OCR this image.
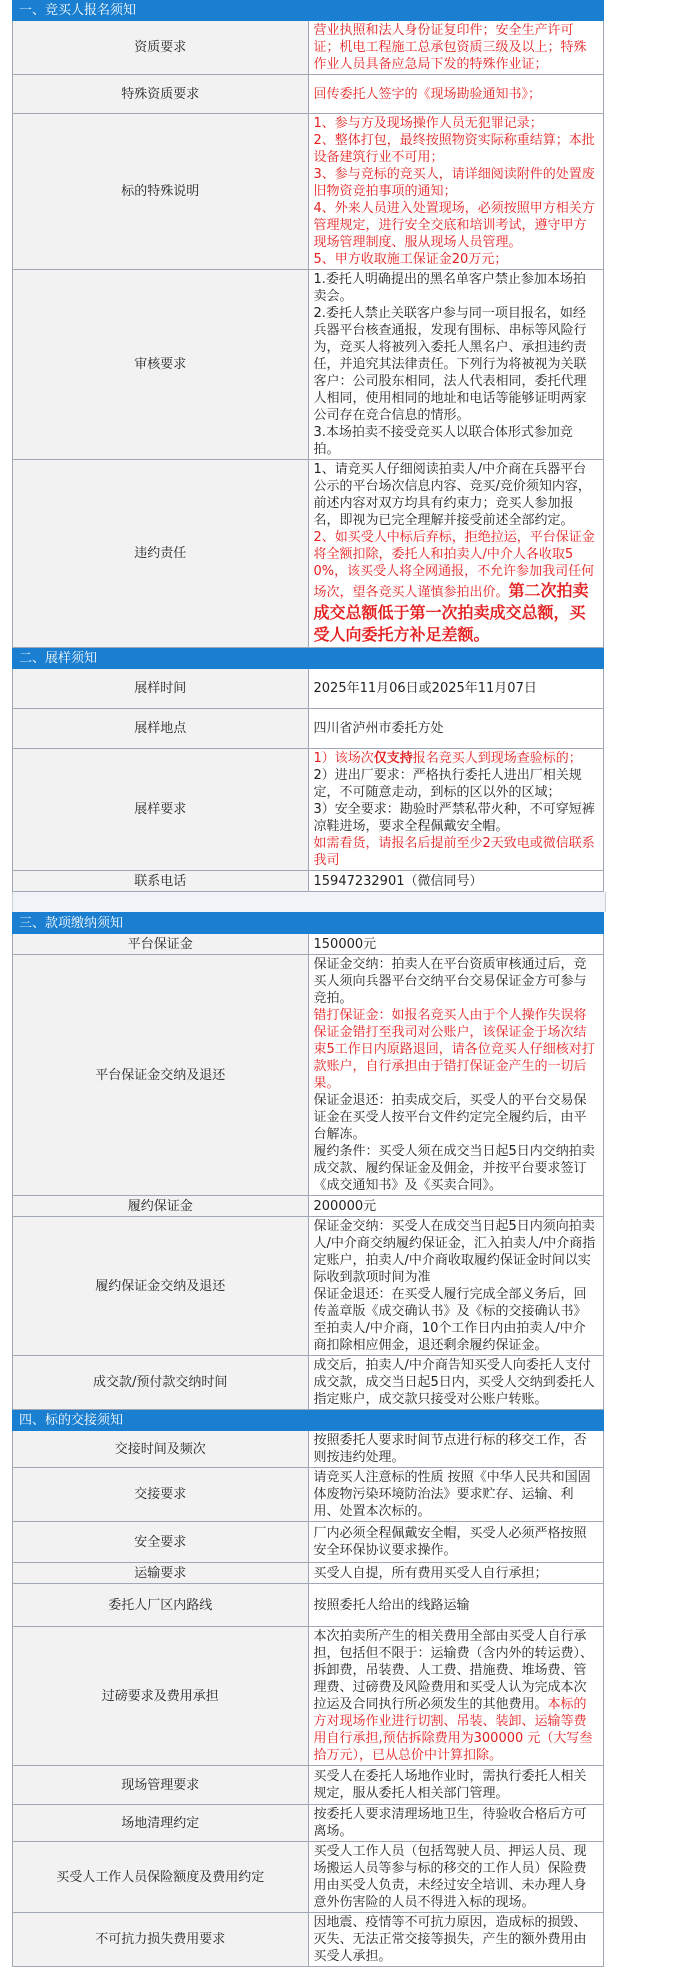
一、竞买人报名须知	
资质要求	营业执照和法人身份证复印件；安全生产许可证；机电工程施工总承包资质三级及以上；特殊作业人员具备应急局下发的特殊作业证；
特殊资质要求	回传委托人签字的《现场勘验通知书》；
标的特殊说明	1、参与方及现场操作人员无犯罪记录；
2、整体打包，最终按照物资实际称重结算；本批设备建筑行业不可用；
3、参与竞标的竞买人，请详细阅读附件的处置废旧物资竞拍事项的通知；
4、外来人员进入处置现场，必须按照甲方相关方管理规定，进行安全交底和培训考试，遵守甲方现场管理制度、服从现场人员管理。
5、甲方收取施工保证金20万元；

审核要求	1.委托人明确提出的黑名单客户禁止参加本场拍卖会。
2.委托人禁止关联客户参与同一项目报名，如经兵器平台核查通报，发现有围标、串标等风险行为，竞买人将被列入委托人黑名户、承担违约责任，并追究其法律责任。下列行为将被视为关联客户：公司股东相同，法人代表相同，委托代理人相同，使用相同的地址和电话等能够证明两家公司存在竞合信息的情形。
3.本场拍卖不接受竞买人以联合体形式参加竞拍。

违约责任	1、请竞买人仔细阅读拍卖人/中介商在兵器平台公示的平台场次信息内容、竞买/竞价须知内容，前述内容对双方均具有约束力；竞买人参加报名，即视为已完全理解并接受前述全部约定。
2、如买受人中标后弃标，拒绝拉运，平台保证金将全额扣除，委托人和拍卖人/中介人各收取50%，该买受人将全网通报，不允许参加我司任何场次，望各竞买人谨慎参拍出价。第二次拍卖成交总额低于第一次拍卖成交总额，买受人向委托方补足差额。

二、展样须知	
展样时间	2025年11月06日或2025年11月07日
展样地点	四川省泸州市委托方处
展样要求	1）该场次仅支持报名竞买人到现场查验标的；
2）进出厂要求：严格执行委托人进出厂相关规定，不可随意走动，到标的区以外的区域；
3）安全要求：勘验时严禁私带火种，不可穿短裤凉鞋进场，要求全程佩戴安全帽。
如需看货，请报名后提前至少2天致电或微信联系我司

联系电话	15947232901（微信同号）
三、款项缴纳须知	
平台保证金	150000元
平台保证金交纳及退还	保证金交纳：拍卖人在平台资质审核通过后，竞买人须向兵器平台交纳平台交易保证金方可参与竞拍。
错打保证金：如报名竞买人由于个人操作失误将保证金错打至我司对公账户，该保证金于场次结束5工作日内原路退回，请各位竞买人仔细核对打款账户，自行承担由于错打保证金产生的一切后果。
保证金退还：拍卖成交后，买受人的平台交易保证金在买受人按平台文件约定完全履约后，由平台解冻。
履约条件：买受人须在成交当日起5日内交纳拍卖成交款、履约保证金及佣金，并按平台要求签订《成交通知书》及《买卖合同》。

履约保证金	200000元
履约保证金交纳及退还	保证金交纳：买受人在成交当日起5日内须向拍卖人/中介商交纳履约保证金，汇入拍卖人/中介商指定账户，拍卖人/中介商收取履约保证金时间以实际收到款项时间为准
保证金退还：在买受人履行完成全部义务后，回传盖章版《成交确认书》及《标的交接确认书》至拍卖人/中介商，10个工作日内由拍卖人/中介商扣除相应佣金，退还剩余履约保证金。

成交款/预付款交纳时间	成交后，拍卖人/中介商告知买受人向委托人支付成交款，成交当日起5日内，买受人交纳到委托人指定账户，成交款只接受对公账户转账。
四、标的交接须知	
交接时间及频次	按照委托人要求时间节点进行标的移交工作，否则按违约处理。
交接要求	请竞买人注意标的性质 按照《中华人民共和国固体废物污染环境防治法》要求贮存、运输、利用、处置本次标的。
安全要求	厂内必须全程佩戴安全帽，买受人必须严格按照安全环保协议要求操作。
运输要求	买受人自提，所有费用买受人自行承担；
委托人厂区内路线	按照委托人给出的线路运输
过磅要求及费用承担	本次拍卖所产生的相关费用全部由买受人自行承担，包括但不限于：运输费（含内外的转运费）、拆卸费，吊装费、人工费、措施费、堆场费、管理费、过磅费及风险费用和买受人认为完成本次拉运及合同执行所必须发生的其他费用。本标的方对现场作业进行切割、吊装、装卸、运输等费用自行承担,预估拆除费用为300000 元（大写叁拾万元），已从总价中计算扣除。
现场管理要求	买受人在委托人场地作业时，需执行委托人相关规定，服从委托人相关部门管理。
场地清理约定	按委托人要求清理场地卫生，待验收合格后方可离场。
买受人工作人员保险额度及费用约定	买受人工作人员（包括驾驶人员、押运人员、现场搬运人员等参与标的移交的工作人员）保险费用由买受人负责，未经过安全培训、未办理人身意外伤害险的人员不得进入标的现场。
不可抗力损失费用要求	因地震、疫情等不可抗力原因，造成标的损毁、灭失、无法正常交接等损失，产生的额外费用由买受人承担。
